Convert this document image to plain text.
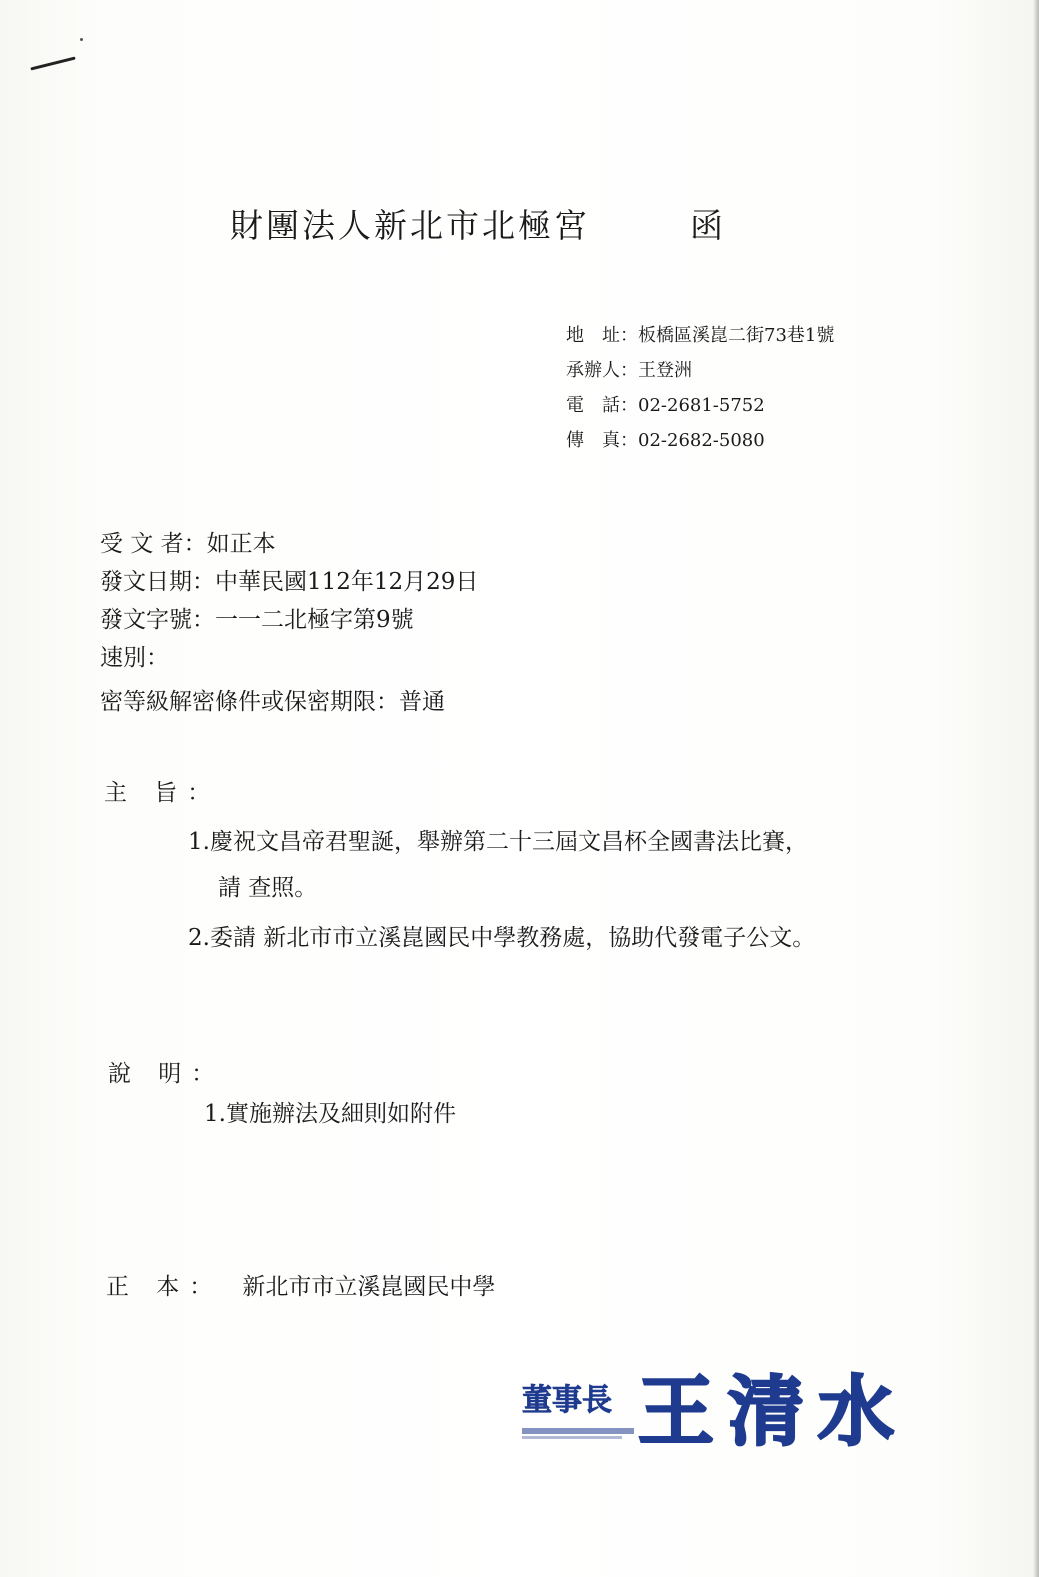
財團法人新北市北極宮	函
地　址：板橋區溪崑二街73巷1號
承辦人：王登洲
電　話：02-2681-5752
傳　真：02-2682-5080
受 文 者：如正本
發文日期：中華民國112年12月29日
發文字號：一一二北極字第9號
速別：
密等級解密條件或保密期限：普通
主 旨：
1.慶祝文昌帝君聖誕，舉辦第二十三屆文昌杯全國書法比賽，
請 查照。
2.委請 新北市市立溪崑國民中學教務處，協助代發電子公文。
說 明：
1.實施辦法及細則如附件
正 本： 新北市市立溪崑國民中學
董事長 王清水
